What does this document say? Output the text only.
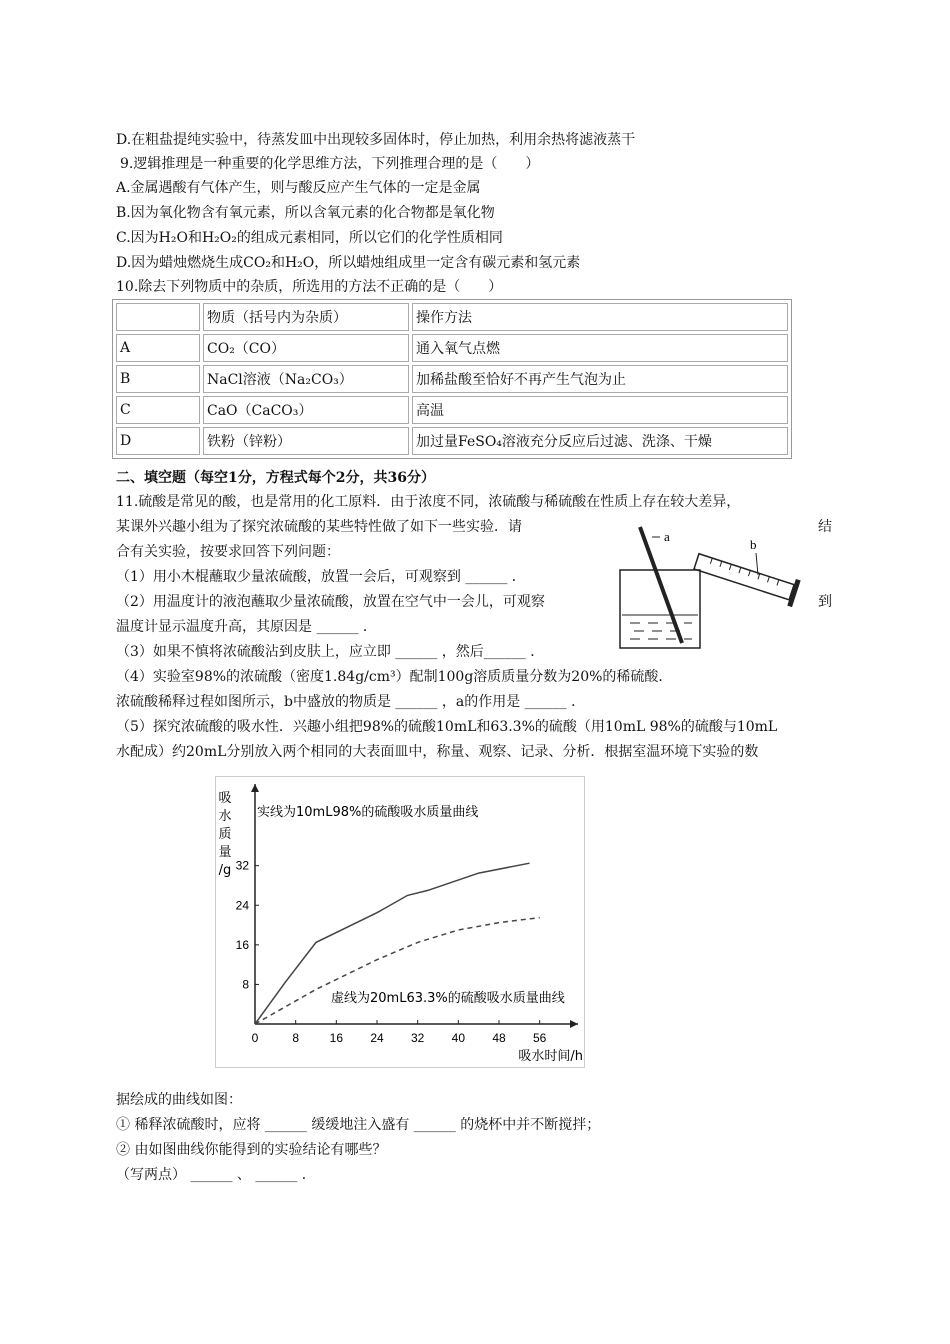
D.在粗盐提纯实验中，待蒸发皿中出现较多固体时，停止加热，利用余热将滤液蒸干
9.逻辑推理是一种重要的化学思维方法，下列推理合理的是（　　）
A.金属遇酸有气体产生，则与酸反应产生气体的一定是金属
B.因为氧化物含有氧元素，所以含氧元素的化合物都是氧化物
C.因为H₂O和H₂O₂的组成元素相同，所以它们的化学性质相同
D.因为蜡烛燃烧生成CO₂和H₂O，所以蜡烛组成里一定含有碳元素和氢元素
10.除去下列物质中的杂质，所选用的方法不正确的是（　　）
	物质（括号内为杂质）	操作方法
A	CO₂（CO）	通入氧气点燃
B	NaCl溶液（Na₂CO₃）	加稀盐酸至恰好不再产生气泡为止
C	CaO（CaCO₃）	高温
D	铁粉（锌粉）	加过量FeSO₄溶液充分反应后过滤、洗涤、干燥
二、填空题（每空1分，方程式每个2分，共36分）
11.硫酸是常见的酸，也是常用的化工原料．由于浓度不同，浓硫酸与稀硫酸在性质上存在较大差异，
某课外兴趣小组为了探究浓硫酸的某些特性做了如下一些实验．请	结
合有关实验，按要求回答下列问题：
（1）用小木棍蘸取少量浓硫酸，放置一会后，可观察到 ______ ．
（2）用温度计的液泡蘸取少量浓硫酸，放置在空气中一会儿，可观察	到
温度计显示温度升高，其原因是 ______ ．
（3）如果不慎将浓硫酸沾到皮肤上，应立即 ______ ，然后______ ．
（4）实验室98%的浓硫酸（密度1.84g/cm³）配制100g溶质质量分数为20%的稀硫酸．
浓硫酸稀释过程如图所示，b中盛放的物质是 ______ ，a的作用是 ______ ．
（5）探究浓硫酸的吸水性．兴趣小组把98%的硫酸10mL和63.3%的硫酸（用10mL 98%的硫酸与10mL
水配成）约20mL分别放入两个相同的大表面皿中，称量、观察、记录、分析．根据室温环境下实验的数
a
b
0	8	16 24 32 40 48 56
8
16
24
32
吸
水
质
量
/g
吸水时间/h
实线为10mL98%的硫酸吸水质量曲线
虚线为20mL63.3%的硫酸吸水质量曲线
据绘成的曲线如图：
① 稀释浓硫酸时，应将 ______ 缓缓地注入盛有 ______ 的烧杯中并不断搅拌；
② 由如图曲线你能得到的实验结论有哪些？
（写两点） ______ 、 ______ ．
